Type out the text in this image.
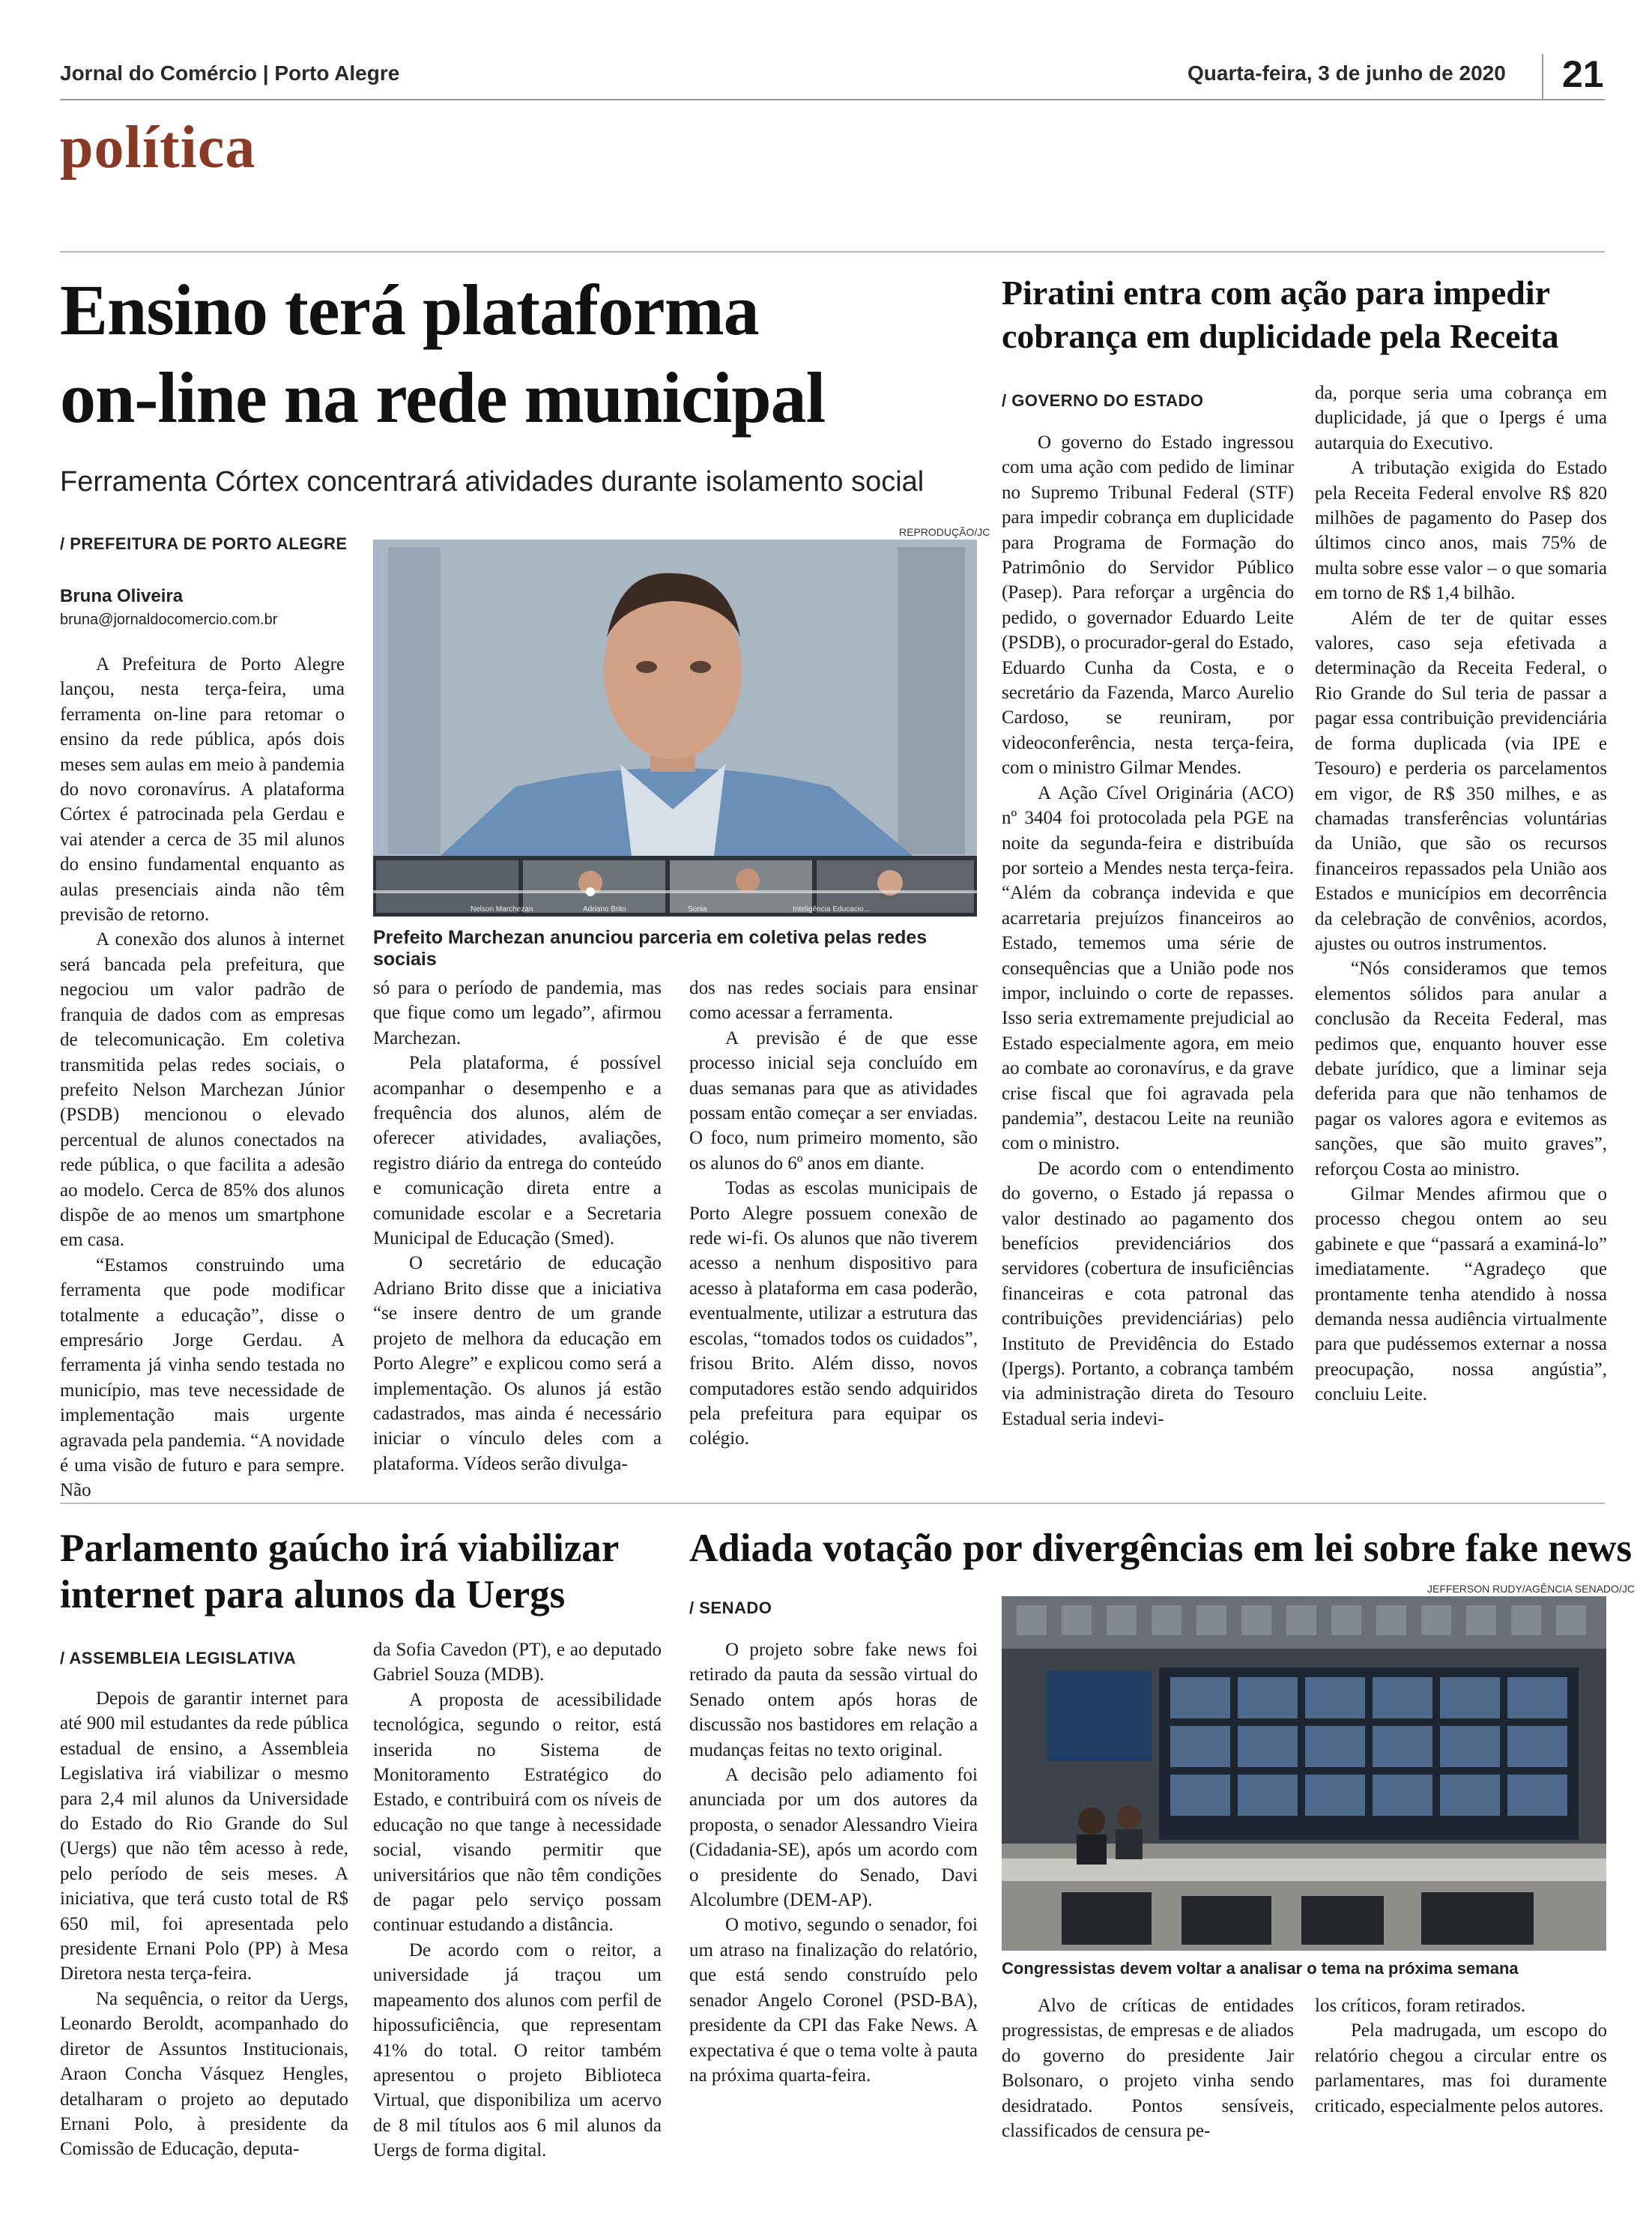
Jornal do Comércio | Porto Alegre	Quarta-feira, 3 de junho de 2020 21
política
Ensino terá plataforma
on-line na rede municipal
Ferramenta Córtex concentrará atividades durante isolamento social
/ PREFEITURA DE PORTO ALEGRE
Bruna Oliveira
bruna@jornaldocomercio.com.br
REPRODUÇÃO/JC
Nelson Marchezan	Adriano Brito	Sonia	Inteligência Educacio...
Prefeito Marchezan anunciou parceria em coletiva pelas redes sociais

A Prefeitura de Porto Alegre lançou, nesta terça-feira, uma ferramenta on-line para retomar o ensino da rede pública, após dois meses sem aulas em meio à pandemia do novo coronavírus. A plataforma Córtex é patrocinada pela Gerdau e vai atender a cerca de 35 mil alunos do ensino fundamental enquanto as aulas presenciais ainda não têm previsão de retorno.

A conexão dos alunos à internet será bancada pela prefeitura, que negociou um valor padrão de franquia de dados com as empresas de telecomunicação. Em coletiva transmitida pelas redes sociais, o prefeito Nelson Marchezan Júnior (PSDB) mencionou o elevado percentual de alunos conectados na rede pública, o que facilita a adesão ao modelo. Cerca de 85% dos alunos dispõe de ao menos um smartphone em casa.

“Estamos construindo uma ferramenta que pode modificar totalmente a educação”, disse o empresário Jorge Gerdau. A ferramenta já vinha sendo testada no município, mas teve necessidade de implementação mais urgente agravada pela pandemia. “A novidade é uma visão de futuro e para sempre. Não

só para o período de pandemia, mas que fique como um legado”, afirmou Marchezan.

Pela plataforma, é possível acompanhar o desempenho e a frequência dos alunos, além de oferecer atividades, avaliações, registro diário da entrega do conteúdo e comunicação direta entre a comunidade escolar e a Secretaria Municipal de Educação (Smed).

O secretário de educação Adriano Brito disse que a iniciativa “se insere dentro de um grande projeto de melhora da educação em Porto Alegre” e explicou como será a implementação. Os alunos já estão cadastrados, mas ainda é necessário iniciar o vínculo deles com a plataforma. Vídeos serão divulga-

dos nas redes sociais para ensinar como acessar a ferramenta.

A previsão é de que esse processo inicial seja concluído em duas semanas para que as atividades possam então começar a ser enviadas. O foco, num primeiro momento, são os alunos do 6º anos em diante.

Todas as escolas municipais de Porto Alegre possuem conexão de rede wi-fi. Os alunos que não tiverem acesso a nenhum dispositivo para acesso à plataforma em casa poderão, eventualmente, utilizar a estrutura das escolas, “tomados todos os cuidados”, frisou Brito. Além disso, novos computadores estão sendo adquiridos pela prefeitura para equipar os colégio.

Piratini entra com ação para impedir
cobrança em duplicidade pela Receita
/ GOVERNO DO ESTADO

O governo do Estado ingressou com uma ação com pedido de liminar no Supremo Tribunal Federal (STF) para impedir cobrança em duplicidade para Programa de Formação do Patrimônio do Servidor Público (Pasep). Para reforçar a urgência do pedido, o governador Eduardo Leite (PSDB), o procurador-geral do Estado, Eduardo Cunha da Costa, e o secretário da Fazenda, Marco Aurelio Cardoso, se reuniram, por videoconferência, nesta terça-feira, com o ministro Gilmar Mendes.

A Ação Cível Originária (ACO) nº 3404 foi protocolada pela PGE na noite da segunda-feira e distribuída por sorteio a Mendes nesta terça-feira. “Além da cobrança indevida e que acarretaria prejuízos financeiros ao Estado, tememos uma série de consequências que a União pode nos impor, incluindo o corte de repasses. Isso seria extremamente prejudicial ao Estado especialmente agora, em meio ao combate ao coronavírus, e da grave crise fiscal que foi agravada pela pandemia”, destacou Leite na reunião com o ministro.

De acordo com o entendimento do governo, o Estado já repassa o valor destinado ao pagamento dos benefícios previdenciários dos servidores (cobertura de insuficiências financeiras e cota patronal das contribuições previdenciárias) pelo Instituto de Previdência do Estado (Ipergs). Portanto, a cobrança também via administração direta do Tesouro Estadual seria indevi-

da, porque seria uma cobrança em duplicidade, já que o Ipergs é uma autarquia do Executivo.

A tributação exigida do Estado pela Receita Federal envolve R$ 820 milhões de pagamento do Pasep dos últimos cinco anos, mais 75% de multa sobre esse valor – o que somaria em torno de R$ 1,4 bilhão.

Além de ter de quitar esses valores, caso seja efetivada a determinação da Receita Federal, o Rio Grande do Sul teria de passar a pagar essa contribuição previdenciária de forma duplicada (via IPE e Tesouro) e perderia os parcelamentos em vigor, de R$ 350 milhes, e as chamadas transferências voluntárias da União, que são os recursos financeiros repassados pela União aos Estados e municípios em decorrência da celebração de convênios, acordos, ajustes ou outros instrumentos.

“Nós consideramos que temos elementos sólidos para anular a conclusão da Receita Federal, mas pedimos que, enquanto houver esse debate jurídico, que a liminar seja deferida para que não tenhamos de pagar os valores agora e evitemos as sanções, que são muito graves”, reforçou Costa ao ministro.

Gilmar Mendes afirmou que o processo chegou ontem ao seu gabinete e que “passará a examiná-lo” imediatamente. “Agradeço que prontamente tenha atendido à nossa demanda nessa audiência virtualmente para que pudéssemos externar a nossa preocupação, nossa angústia”, concluiu Leite.

Parlamento gaúcho irá viabilizar
internet para alunos da Uergs
/ ASSEMBLEIA LEGISLATIVA

Depois de garantir internet para até 900 mil estudantes da rede pública estadual de ensino, a Assembleia Legislativa irá viabilizar o mesmo para 2,4 mil alunos da Universidade do Estado do Rio Grande do Sul (Uergs) que não têm acesso à rede, pelo período de seis meses. A iniciativa, que terá custo total de R$ 650 mil, foi apresentada pelo presidente Ernani Polo (PP) à Mesa Diretora nesta terça-feira.

Na sequência, o reitor da Uergs, Leonardo Beroldt, acompanhado do diretor de Assuntos Institucionais, Araon Concha Vásquez Hengles, detalharam o projeto ao deputado Ernani Polo, à presidente da Comissão de Educação, deputa-

da Sofia Cavedon (PT), e ao deputado Gabriel Souza (MDB).

A proposta de acessibilidade tecnológica, segundo o reitor, está inserida no Sistema de Monitoramento Estratégico do Estado, e contribuirá com os níveis de educação no que tange à necessidade social, visando permitir que universitários que não têm condições de pagar pelo serviço possam continuar estudando a distância.

De acordo com o reitor, a universidade já traçou um mapeamento dos alunos com perfil de hipossuficiência, que representam 41% do total. O reitor também apresentou o projeto Biblioteca Virtual, que disponibiliza um acervo de 8 mil títulos aos 6 mil alunos da Uergs de forma digital.

Adiada votação por divergências em lei sobre fake news
/ SENADO
JEFFERSON RUDY/AGÊNCIA SENADO/JC
Congressistas devem voltar a analisar o tema na próxima semana

O projeto sobre fake news foi retirado da pauta da sessão virtual do Senado ontem após horas de discussão nos bastidores em relação a mudanças feitas no texto original.

A decisão pelo adiamento foi anunciada por um dos autores da proposta, o senador Alessandro Vieira (Cidadania-SE), após um acordo com o presidente do Senado, Davi Alcolumbre (DEM-AP).

O motivo, segundo o senador, foi um atraso na finalização do relatório, que está sendo construído pelo senador Angelo Coronel (PSD-BA), presidente da CPI das Fake News. A expectativa é que o tema volte à pauta na próxima quarta-feira.

Alvo de críticas de entidades progressistas, de empresas e de aliados do governo do presidente Jair Bolsonaro, o projeto vinha sendo desidratado. Pontos sensíveis, classificados de censura pe-

los críticos, foram retirados.

Pela madrugada, um escopo do relatório chegou a circular entre os parlamentares, mas foi duramente criticado, especialmente pelos autores.
